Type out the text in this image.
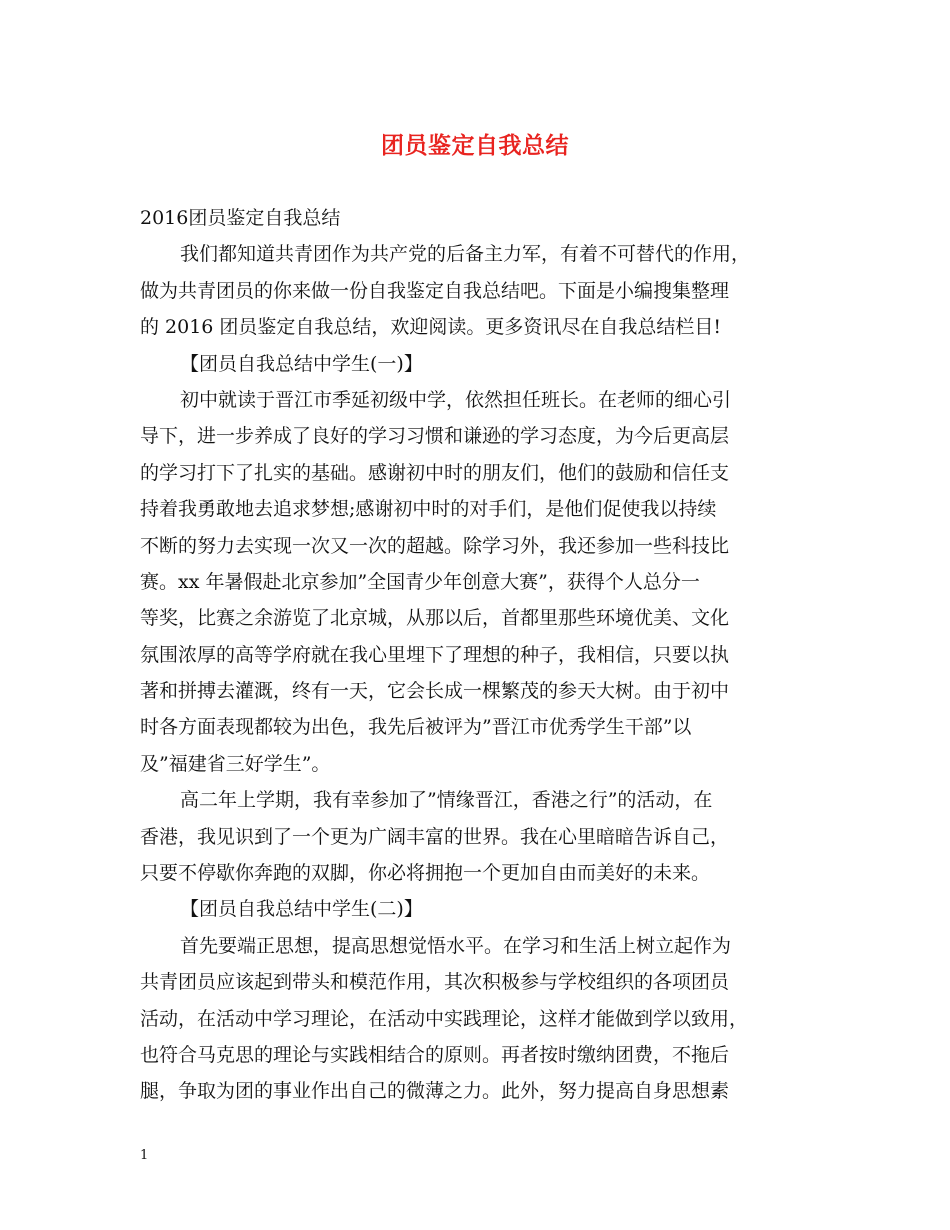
团员鉴定自我总结
2016团员鉴定自我总结
我们都知道共青团作为共产党的后备主力军，有着不可替代的作用，
做为共青团员的你来做一份自我鉴定自我总结吧。下面是小编搜集整理
的 2016 团员鉴定自我总结，欢迎阅读。更多资讯尽在自我总结栏目!
【团员自我总结中学生(一)】
初中就读于晋江市季延初级中学，依然担任班长。在老师的细心引
导下，进一步养成了良好的学习习惯和谦逊的学习态度，为今后更高层
的学习打下了扎实的基础。感谢初中时的朋友们，他们的鼓励和信任支
持着我勇敢地去追求梦想;感谢初中时的对手们，是他们促使我以持续
不断的努力去实现一次又一次的超越。除学习外，我还参加一些科技比
赛。xx 年暑假赴北京参加”全国青少年创意大赛”，获得个人总分一
等奖，比赛之余游览了北京城，从那以后，首都里那些环境优美、文化
氛围浓厚的高等学府就在我心里埋下了理想的种子，我相信，只要以执
著和拼搏去灌溉，终有一天，它会长成一棵繁茂的参天大树。由于初中
时各方面表现都较为出色，我先后被评为”晋江市优秀学生干部”以
及”福建省三好学生”。
高二年上学期，我有幸参加了”情缘晋江，香港之行”的活动，在
香港，我见识到了一个更为广阔丰富的世界。我在心里暗暗告诉自己，
只要不停歇你奔跑的双脚，你必将拥抱一个更加自由而美好的未来。
【团员自我总结中学生(二)】
首先要端正思想，提高思想觉悟水平。在学习和生活上树立起作为
共青团员应该起到带头和模范作用，其次积极参与学校组织的各项团员
活动，在活动中学习理论，在活动中实践理论，这样才能做到学以致用，
也符合马克思的理论与实践相结合的原则。再者按时缴纳团费，不拖后
腿，争取为团的事业作出自己的微薄之力。此外，努力提高自身思想素
1
